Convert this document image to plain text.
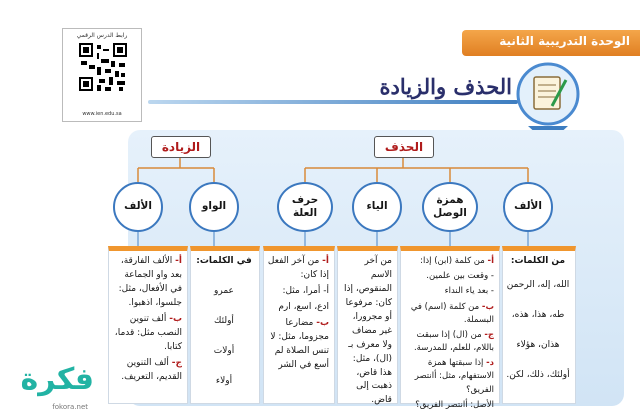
الوحدة التدريبية الثانية
رابط الدرس الرقمي
www.ien.edu.sa
الحذف والزيادة
الزيادة	الحذف
الألف	الواو
حرف العلة
الياء
همزة الوصل
الألف

من الكلمات:

الله، إله، الرحمن

طه، هذا، هذه،

هذان، هؤلاء

أولئك، ذلك، لكن.

أ- من كلمة (ابن) إذا:

- وقعت بين علمين.

- بعد ياء النداء

ب- من كلمة (اسم) في البسملة.

ج- من (ال) إذا سبقت باللام، للعلم، للمدرسة.

د- إذا سبقتها همزة الاستفهام، مثل: أانتصر الفريق؟

الأصل: أانتصر الفريق؟

من آخر الاسم المنقوص، إذا كان: مرفوعا أو مجرورا، غير مضاف ولا معرف بـ (ال)، مثل: هذا قاض، ذهبت إلى قاض.

أ- من آخر الفعل إذا كان:

أ- أمرا، مثل:

ادع، اسع، ارم

ب- مضارعا مجزوما، مثل: لا تنس الصلاة لم أسع في الشر

في الكلمات:

عمرو

أولئك

أولات

أولاء

أ- الألف الفارقة، بعد واو الجماعة في الأفعال، مثل: جلسوا، اذهبوا.

ب- ألف تنوين النصب مثل: قدما، كتابا.

ج- ألف التنوين القديم، التعريف.

فكرة
fokora.net
